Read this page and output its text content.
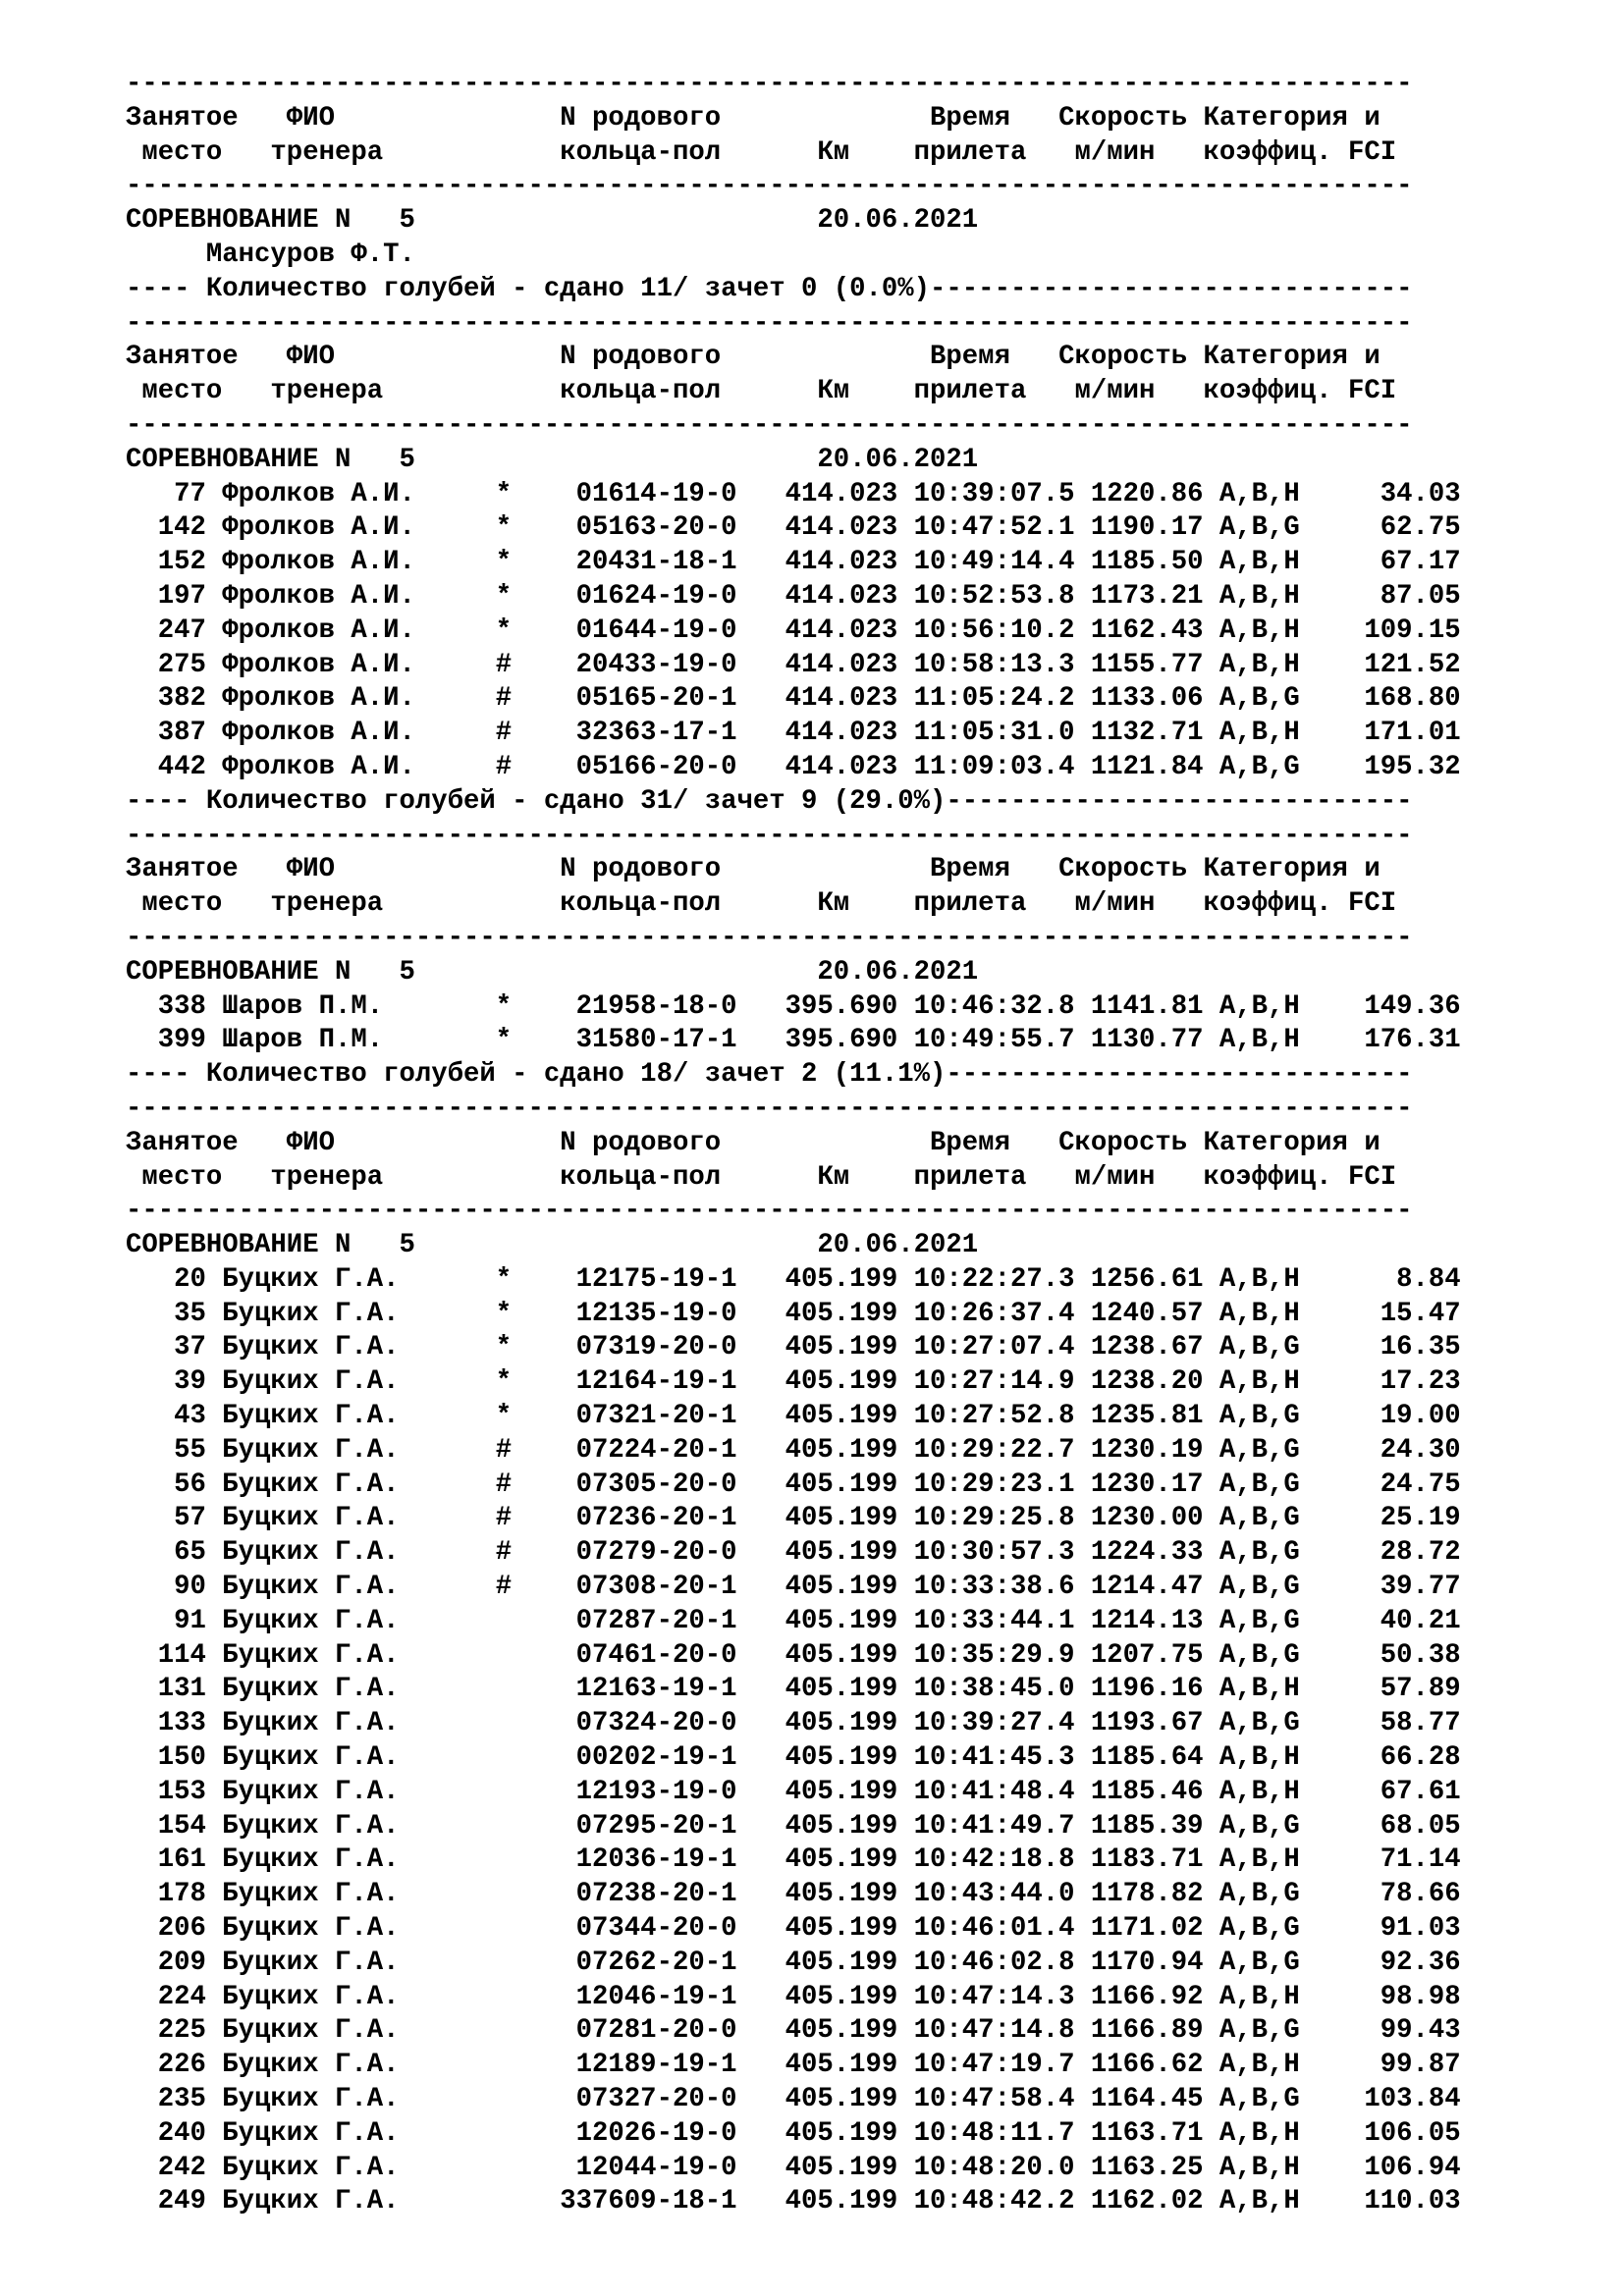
--------------------------------------------------------------------------------
Занятое   ФИО              N родового             Время   Скорость Категория и
место   тренера           кольца-пол      Км    прилета   м/мин   коэффиц. FCI
--------------------------------------------------------------------------------
СОРЕВНОВАНИЕ N   5                         20.06.2021
Мансуров Ф.Т.
---- Количество голубей - сдано 11/ зачет 0 (0.0%)------------------------------
--------------------------------------------------------------------------------
Занятое   ФИО              N родового             Время   Скорость Категория и
место   тренера           кольца-пол      Км    прилета   м/мин   коэффиц. FCI
--------------------------------------------------------------------------------
СОРЕВНОВАНИЕ N   5                         20.06.2021
77 Фролков А.И.     *    01614-19-0   414.023 10:39:07.5 1220.86 A,B,H     34.03
142 Фролков А.И.     *    05163-20-0   414.023 10:47:52.1 1190.17 A,B,G     62.75
152 Фролков А.И.     *    20431-18-1   414.023 10:49:14.4 1185.50 A,B,H     67.17
197 Фролков А.И.     *    01624-19-0   414.023 10:52:53.8 1173.21 A,B,H     87.05
247 Фролков А.И.     *    01644-19-0   414.023 10:56:10.2 1162.43 A,B,H    109.15
275 Фролков А.И.     #    20433-19-0   414.023 10:58:13.3 1155.77 A,B,H    121.52
382 Фролков А.И.     #    05165-20-1   414.023 11:05:24.2 1133.06 A,B,G    168.80
387 Фролков А.И.     #    32363-17-1   414.023 11:05:31.0 1132.71 A,B,H    171.01
442 Фролков А.И.     #    05166-20-0   414.023 11:09:03.4 1121.84 A,B,G    195.32
---- Количество голубей - сдано 31/ зачет 9 (29.0%)-----------------------------
--------------------------------------------------------------------------------
Занятое   ФИО              N родового             Время   Скорость Категория и
место   тренера           кольца-пол      Км    прилета   м/мин   коэффиц. FCI
--------------------------------------------------------------------------------
СОРЕВНОВАНИЕ N   5                         20.06.2021
338 Шаров П.М.       *    21958-18-0   395.690 10:46:32.8 1141.81 A,B,H    149.36
399 Шаров П.М.       *    31580-17-1   395.690 10:49:55.7 1130.77 A,B,H    176.31
---- Количество голубей - сдано 18/ зачет 2 (11.1%)-----------------------------
--------------------------------------------------------------------------------
Занятое   ФИО              N родового             Время   Скорость Категория и
место   тренера           кольца-пол      Км    прилета   м/мин   коэффиц. FCI
--------------------------------------------------------------------------------
СОРЕВНОВАНИЕ N   5                         20.06.2021
20 Буцких Г.А.      *    12175-19-1   405.199 10:22:27.3 1256.61 A,B,H      8.84
35 Буцких Г.А.      *    12135-19-0   405.199 10:26:37.4 1240.57 A,B,H     15.47
37 Буцких Г.А.      *    07319-20-0   405.199 10:27:07.4 1238.67 A,B,G     16.35
39 Буцких Г.А.      *    12164-19-1   405.199 10:27:14.9 1238.20 A,B,H     17.23
43 Буцких Г.А.      *    07321-20-1   405.199 10:27:52.8 1235.81 A,B,G     19.00
55 Буцких Г.А.      #    07224-20-1   405.199 10:29:22.7 1230.19 A,B,G     24.30
56 Буцких Г.А.      #    07305-20-0   405.199 10:29:23.1 1230.17 A,B,G     24.75
57 Буцких Г.А.      #    07236-20-1   405.199 10:29:25.8 1230.00 A,B,G     25.19
65 Буцких Г.А.      #    07279-20-0   405.199 10:30:57.3 1224.33 A,B,G     28.72
90 Буцких Г.А.      #    07308-20-1   405.199 10:33:38.6 1214.47 A,B,G     39.77
91 Буцких Г.А.           07287-20-1   405.199 10:33:44.1 1214.13 A,B,G     40.21
114 Буцких Г.А.           07461-20-0   405.199 10:35:29.9 1207.75 A,B,G     50.38
131 Буцких Г.А.           12163-19-1   405.199 10:38:45.0 1196.16 A,B,H     57.89
133 Буцких Г.А.           07324-20-0   405.199 10:39:27.4 1193.67 A,B,G     58.77
150 Буцких Г.А.           00202-19-1   405.199 10:41:45.3 1185.64 A,B,H     66.28
153 Буцких Г.А.           12193-19-0   405.199 10:41:48.4 1185.46 A,B,H     67.61
154 Буцких Г.А.           07295-20-1   405.199 10:41:49.7 1185.39 A,B,G     68.05
161 Буцких Г.А.           12036-19-1   405.199 10:42:18.8 1183.71 A,B,H     71.14
178 Буцких Г.А.           07238-20-1   405.199 10:43:44.0 1178.82 A,B,G     78.66
206 Буцких Г.А.           07344-20-0   405.199 10:46:01.4 1171.02 A,B,G     91.03
209 Буцких Г.А.           07262-20-1   405.199 10:46:02.8 1170.94 A,B,G     92.36
224 Буцких Г.А.           12046-19-1   405.199 10:47:14.3 1166.92 A,B,H     98.98
225 Буцких Г.А.           07281-20-0   405.199 10:47:14.8 1166.89 A,B,G     99.43
226 Буцких Г.А.           12189-19-1   405.199 10:47:19.7 1166.62 A,B,H     99.87
235 Буцких Г.А.           07327-20-0   405.199 10:47:58.4 1164.45 A,B,G    103.84
240 Буцких Г.А.           12026-19-0   405.199 10:48:11.7 1163.71 A,B,H    106.05
242 Буцких Г.А.           12044-19-0   405.199 10:48:20.0 1163.25 A,B,H    106.94
249 Буцких Г.А.          337609-18-1   405.199 10:48:42.2 1162.02 A,B,H    110.03
